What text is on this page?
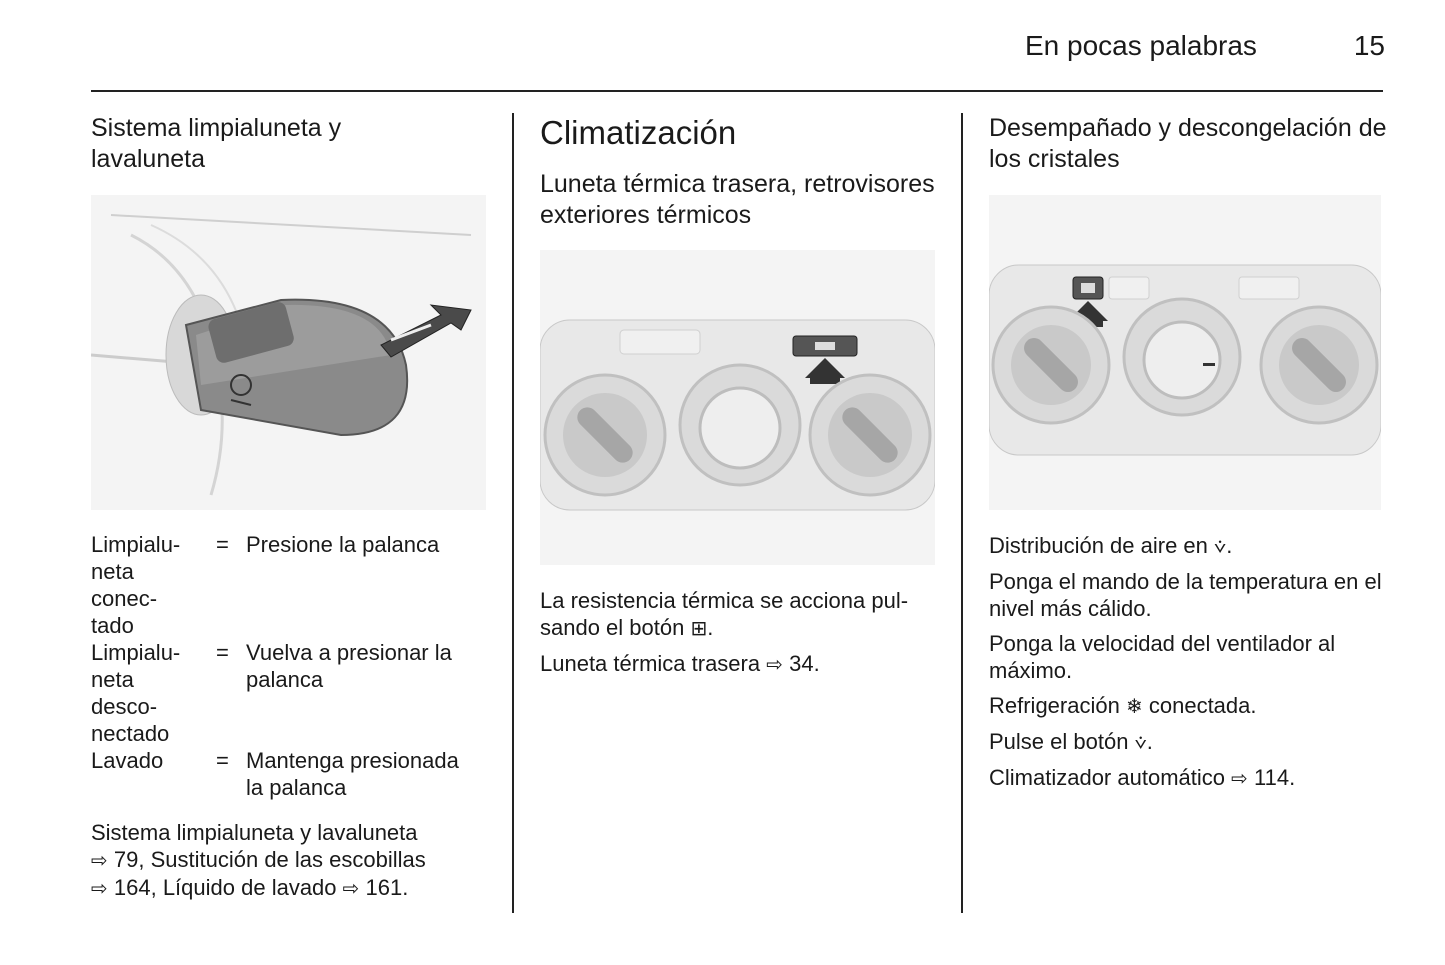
En pocas palabras	15
Sistema limpialuneta y lavaluneta
Limpialu-
neta
conec-
tado	=	Presione la palanca
Limpialu-
neta
desco-
nectado	=	Vuelva a presionar la palanca
Lavado	=	Mantenga presionada la palanca

Sistema limpialuneta y lavaluneta
⇨ 79, Sustitución de las escobillas
⇨ 164, Líquido de lavado ⇨ 161.

Climatización
Luneta térmica trasera, retrovisores exteriores térmicos

La resistencia térmica se acciona pul-
sando el botón ⊞.

Luneta térmica trasera ⇨ 34.

Desempañado y descongelación de los cristales

Distribución de aire en ⩒.

Ponga el mando de la temperatura en el nivel más cálido.

Ponga la velocidad del ventilador al máximo.

Refrigeración ❄ conectada.

Pulse el botón ⩒.

Climatizador automático ⇨ 114.
